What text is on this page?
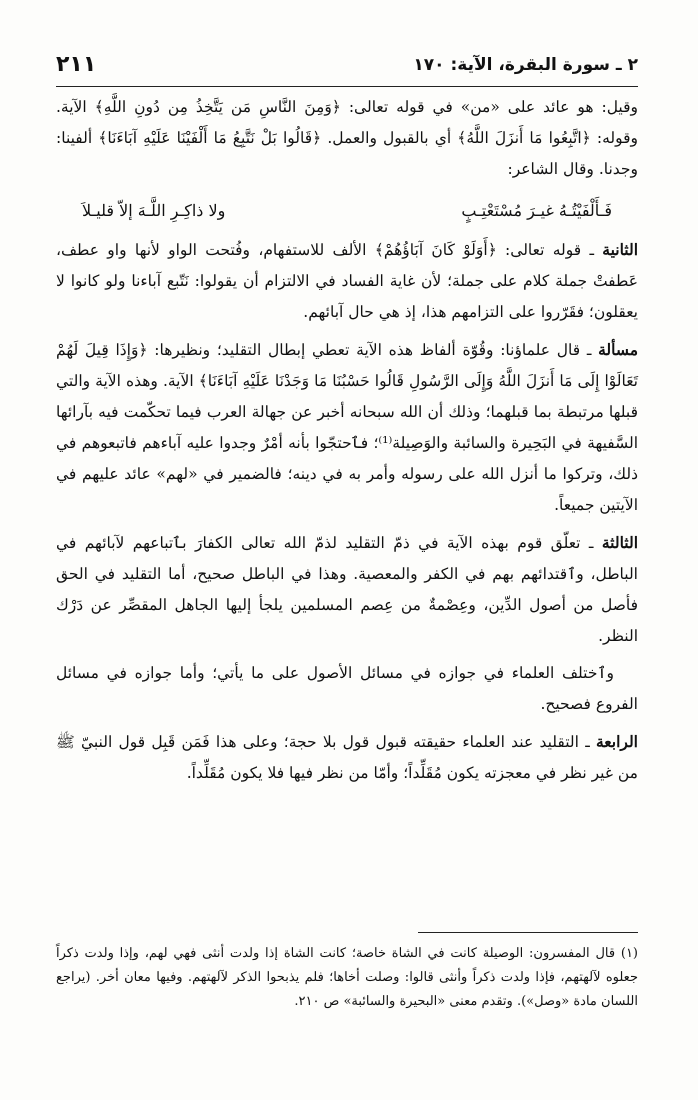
٢١١	٢ ـ سورة البقرة، الآية: ١٧٠

وقيل: هو عائد على «من» في قوله تعالى: ﴿وَمِنَ النَّاسِ مَن يَتَّخِذُ مِن دُونِ اللَّهِ﴾ الآية. وقوله: ﴿اتَّبِعُوا مَا أَنزَلَ اللَّهُ﴾ أي بالقبول والعمل. ﴿قَالُوا بَلْ نَتَّبِعُ مَا أَلْفَيْنَا عَلَيْهِ آبَاءَنَا﴾ ألفينا: وجدنا. وقال الشاعر:

فَـأَلْفَيْتُـهُ غيـرَ مُسْتَعْتِـبٍ
ولا ذاكِـرِ اللَّـهَ إلاّ قليـلاَ

الثانية ـ قوله تعالى: ﴿أَوَلَوْ كَانَ آبَاؤُهُمْ﴾ الألف للاستفهام، وفُتحت الواو لأنها واو عطف، عَطفتْ جملة كلام على جملة؛ لأن غاية الفساد في الالتزام أن يقولوا: نَتّبع آباءنا ولو كانوا لا يعقلون؛ فقَرّروا على التزامهم هذا، إذ هي حال آبائهم.

مسألة ـ قال علماؤنا: وقُوّة ألفاظ هذه الآية تعطي إبطال التقليد؛ ونظيرها: ﴿وَإِذَا قِيلَ لَهُمْ تَعَالَوْا إِلَى مَا أَنزَلَ اللَّهُ وَإِلَى الرَّسُولِ قَالُوا حَسْبُنَا مَا وَجَدْنَا عَلَيْهِ آبَاءَنَا﴾ الآية. وهذه الآية والتي قبلها مرتبطة بما قبلهما؛ وذلك أن الله سبحانه أخبر عن جهالة العرب فيما تحكّمت فيه بآرائها السَّفيهة في البَحِيرة والسائبة والوَصِيلة⁽¹⁾؛ فٱحتجّوا بأنه أمْرٌ وجدوا عليه آباءهم فاتبعوهم في ذلك، وتركوا ما أنزل الله على رسوله وأمر به في دينه؛ فالضمير في «لهم» عائد عليهم في الآيتين جميعاً.

الثالثة ـ تعلّق قوم بهذه الآية في ذمّ التقليد لذمّ الله تعالى الكفارَ بٱتباعهم لآبائهم في الباطل، وٱقتدائهم بهم في الكفر والمعصية. وهذا في الباطل صحيح، أما التقليد في الحق فأصل من أصول الدِّين، وعِصْمةٌ من عِصم المسلمين يلجأ إليها الجاهل المقصِّر عن دَرْك النظر.

وٱختلف العلماء في جوازه في مسائل الأصول على ما يأتي؛ وأما جوازه في مسائل الفروع فصحيح.

الرابعة ـ التقليد عند العلماء حقيقته قبول قول بلا حجة؛ وعلى هذا فَمَن قَبِل قول النبيّ ﷺ من غير نظر في معجزته يكون مُقَلِّداً؛ وأمّا من نظر فيها فلا يكون مُقَلِّداً.

(١) قال المفسرون: الوصيلة كانت في الشاة خاصة؛ كانت الشاة إذا ولدت أنثى فهي لهم، وإذا ولدت ذكراً جعلوه لآلهتهم، فإذا ولدت ذكراً وأنثى قالوا: وصلت أخاها؛ فلم يذبحوا الذكر لآلهتهم. وفيها معان أخر. (يراجع اللسان مادة «وصل»). وتقدم معنى «البحيرة والسائبة» ص ٢١٠.
